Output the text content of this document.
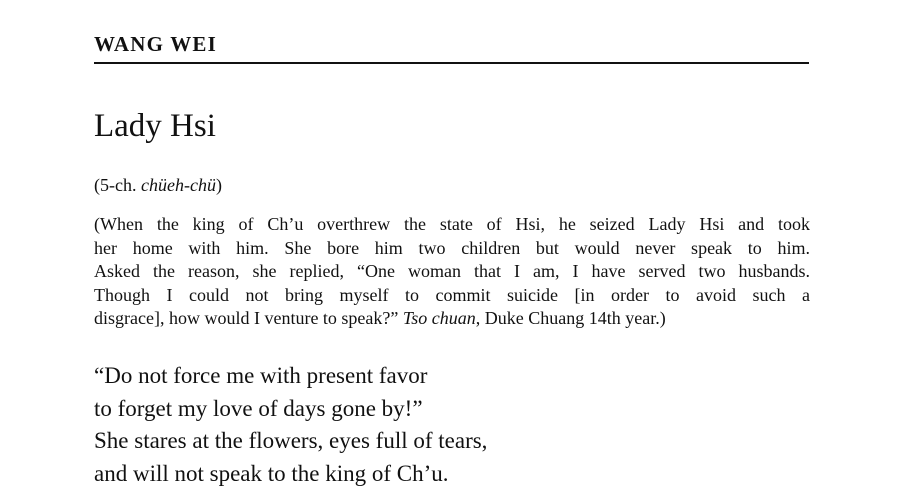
WANG WEI
Lady Hsi
(5-ch. chüeh-chü)
(When the king of Ch’u overthrew the state of Hsi, he seized Lady Hsi and took
her home with him. She bore him two children but would never speak to him.
Asked the reason, she replied, “One woman that I am, I have served two husbands.
Though I could not bring myself to commit suicide [in order to avoid such a
disgrace], how would I venture to speak?” Tso chuan, Duke Chuang 14th year.)
“Do not force me with present favor
to forget my love of days gone by!”
She stares at the flowers, eyes full of tears,
and will not speak to the king of Ch’u.
